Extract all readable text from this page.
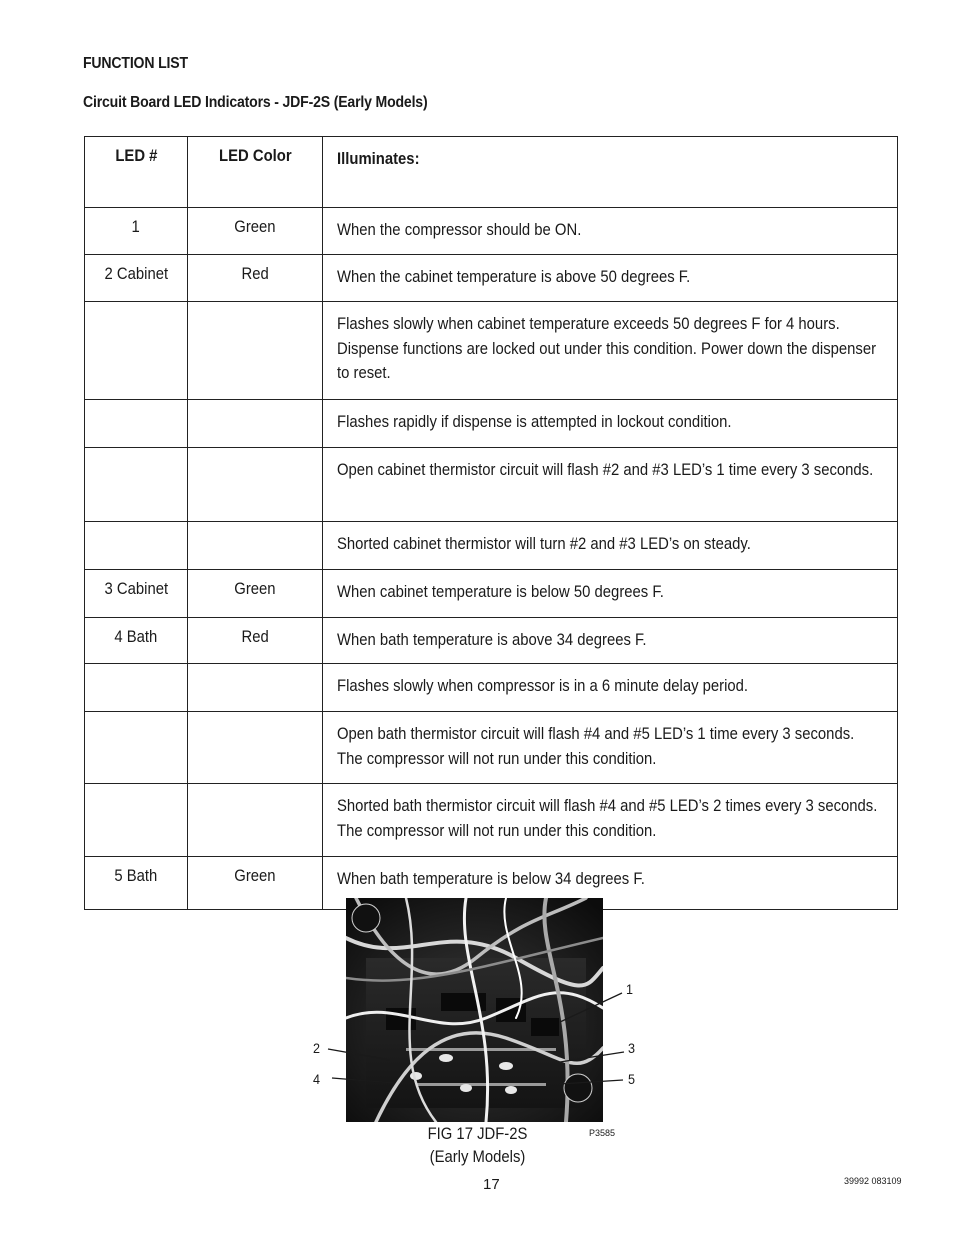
FUNCTION LIST
Circuit Board LED Indicators - JDF-2S (Early Models)
LED #	LED Color	Illuminates:
1	Green	When the compressor should be ON.
2 Cabinet	Red	When the cabinet temperature is above 50 degrees F.
		Flashes slowly when cabinet temperature exceeds 50 degrees F for 4 hours. Dispense functions are locked out under this condition. Power down the dispenser to reset.
		Flashes rapidly if dispense is attempted in lockout condition.
		Open cabinet thermistor circuit will flash #2 and #3 LED’s 1 time every 3 seconds.
		Shorted cabinet thermistor will turn #2 and #3 LED’s on steady.
3 Cabinet	Green	When cabinet temperature is below 50 degrees F.
4 Bath	Red	When bath temperature is above 34 degrees F.
		Flashes slowly when compressor is in a 6 minute delay period.
		Open bath thermistor circuit will flash #4 and #5 LED’s 1 time every 3 seconds. The compressor will not run under this condition.
		Shorted bath thermistor circuit will flash #4 and #5 LED’s 2 times every 3 seconds. The compressor will not run under this condition.
5 Bath	Green	When bath temperature is below 34 degrees F.
1
2	3
4	5
FIG 17 JDF-2S
(Early Models)
P3585
17	39992 083109
